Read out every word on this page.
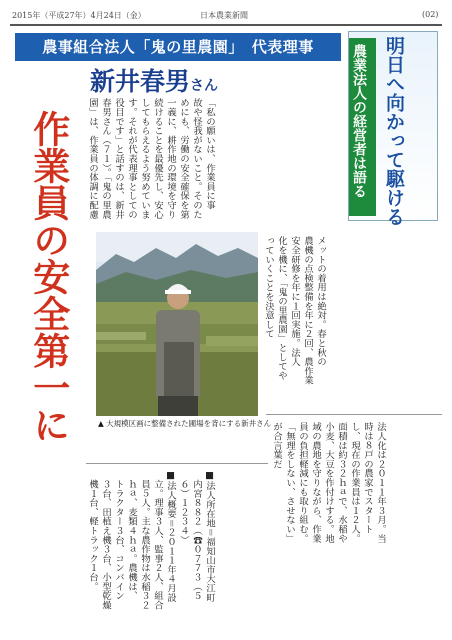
2015年（平成27年）4月24日（金）	日本農業新聞	(02)
農事組合法人「鬼の里農園」　代表理事	農業法人の経営者は語る 明日へ向かって駆ける
新井春男さん
作業員の安全第一に	「私の願いは、作業員に事
故や怪我がないこと。そのた
めにも、労働の安全確保を第
一義に、耕作地の環境を守り
続けることを最優先し、安心
してもらえるよう努めていま
す。それが代表理事としての
役目です」と話すのは、新井
春男さん（７１）。「鬼の里農
園」は、作業員の体調に配慮
メットの着用は絶対。春と秋の
農機の点検整備を年に２回、農作業
安全研修を年に１回実施。法人
化を機に、「鬼の里農園」としてや
っていくことを決意して
法人化は２０１１年３月。当
時は８戸の農家でスタート
し、現在の作業員は１２人。
面積は約３２ｈａで、水稲や
小麦、大豆を作付けする。地
域の農地を守りながら、作業
員の負担軽減にも取り組む。
「無理をしない、させない」
が合言葉だ
■法人所在地＝福知山市大江町
　内宮８８２（☎０７７３（５
　６）１２３４）
■法人概要＝２０１１年４月設
　立。理事３人、監事２人、組合
　員５人。主な農作物は水稲３２
　ｈａ、麦類４ｈａ。農機は、
　トラクター３台、コンバイン
　３台、田植え機３台、小型乾燥
　機１台、軽トラック１台。
▲ 大規模区画に整備された圃場を背にする新井さん
